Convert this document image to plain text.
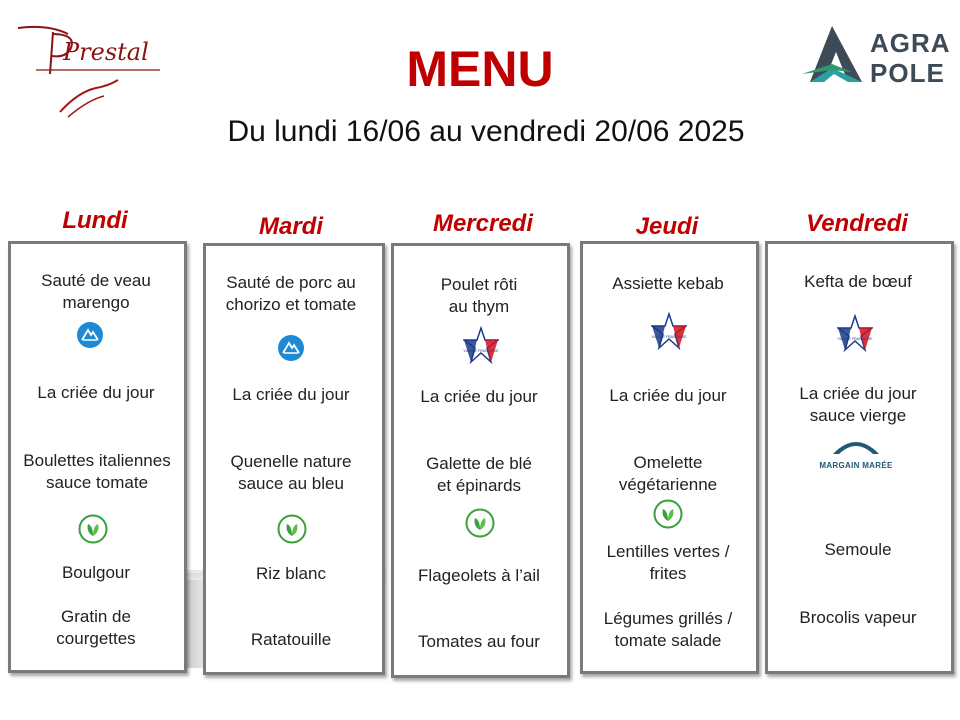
Prestal	AGRA
POLE
MENU
Du lundi 16/06 au vendredi 20/06 2025
Lundi	Mardi	Mercredi	Jeudi	Vendredi
Sauté de veau
marengo
La criée du jour
Boulettes italiennes
sauce tomate
Boulgour
Gratin de
courgettes
Sauté de porc au
chorizo et tomate
La criée du jour
Quenelle nature
sauce au bleu
Riz blanc
Ratatouille
Poulet rôti
au thym
La criée du jour
Galette de blé
et épinards
Flageolets à l’ail
Tomates au four
Assiette kebab
La criée du jour
Omelette
végétarienne
Lentilles vertes /
frites
Légumes grillés /
tomate salade
Kefta de bœuf
La criée du jour
sauce vierge
Semoule
Brocolis vapeur
VIANDE FRANÇAISE
VIANDE FRANÇAISE	VIANDE FRANÇAISE
MARGAIN MARÉE
